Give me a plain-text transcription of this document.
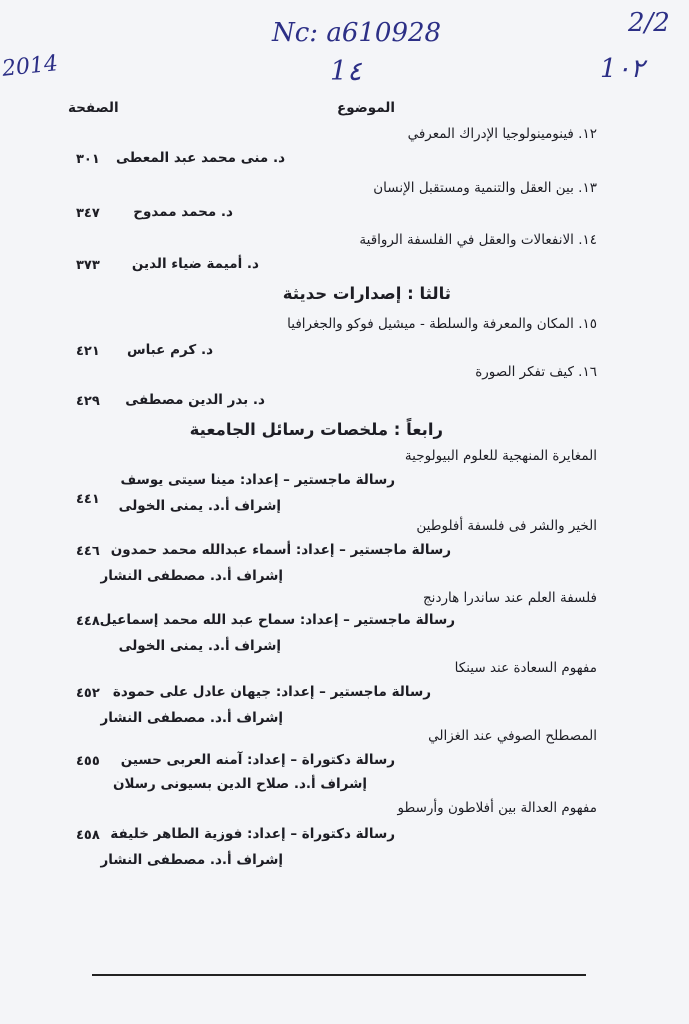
2014
Nc: a610928
1٤
2/2
1٠٢
الموضوع
الصفحة
١٢. فينومينولوجيا الإدراك المعرفي
د. منى محمد عبد المعطى
٣٠١
١٣. بين العقل والتنمية ومستقبل الإنسان
د. محمد ممدوح
٣٤٧
١٤. الانفعالات والعقل في الفلسفة الرواقية
د. أميمة ضياء الدين
٣٧٣
ثالثا : إصدارات حديثة
١٥. المكان والمعرفة والسلطة - ميشيل فوكو والجغرافيا
د. كرم عباس
٤٢١
١٦. كيف تفكر الصورة
د. بدر الدين مصطفى
٤٢٩
رابعاً : ملخصات رسائل الجامعية
المغايرة المنهجية للعلوم البيولوجية
رسالة ماجستير – إعداد: مينا سيتى يوسف
٤٤١ إشراف أ.د. يمنى الخولى
الخير والشر فى فلسفة أفلوطين
رسالة ماجستير – إعداد: أسماء عبدالله محمد حمدون
٤٤٦
إشراف أ.د. مصطفى النشار
فلسفة العلم عند ساندرا هاردنج
رسالة ماجستير – إعداد: سماح عبد الله محمد إسماعيل
٤٤٨
إشراف أ.د. يمنى الخولى
مفهوم السعادة عند سينكا
رسالة ماجستير – إعداد: جيهان عادل على حمودة
٤٥٢
إشراف أ.د. مصطفى النشار
المصطلح الصوفي عند الغزالي
رسالة دكتوراة – إعداد: آمنه العربى حسين
٤٥٥
إشراف أ.د. صلاح الدين بسيونى رسلان
مفهوم العدالة بين أفلاطون وأرسطو
رسالة دكتوراة – إعداد: فوزية الطاهر خليفة
٤٥٨
إشراف أ.د. مصطفى النشار
